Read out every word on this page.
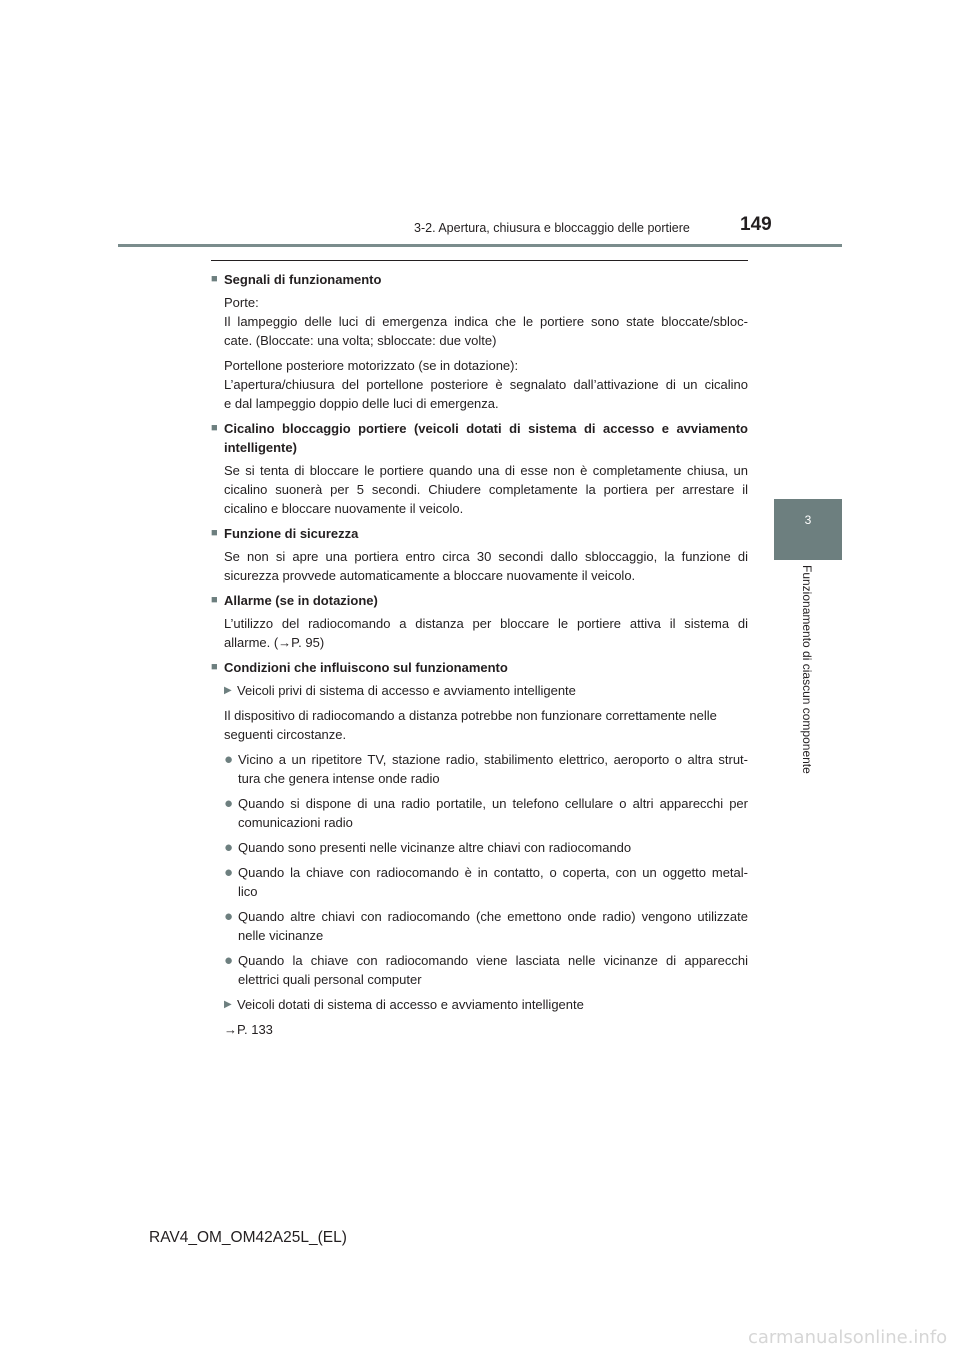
3-2. Apertura, chiusura e bloccaggio delle portiere	149
3
Funzionamento di ciascun componente
■ Segnali di funzionamento
Porte:
Il lampeggio delle luci di emergenza indica che le portiere sono state bloccate/sbloc-
cate. (Bloccate: una volta; sbloccate: due volte)
Portellone posteriore motorizzato (se in dotazione):
L’apertura/chiusura del portellone posteriore è segnalato dall’attivazione di un cicalino
e dal lampeggio doppio delle luci di emergenza.
■ Cicalino bloccaggio portiere (veicoli dotati di sistema di accesso e avviamento
intelligente)
Se si tenta di bloccare le portiere quando una di esse non è completamente chiusa, un
cicalino suonerà per 5 secondi. Chiudere completamente la portiera per arrestare il
cicalino e bloccare nuovamente il veicolo.
■ Funzione di sicurezza
Se non si apre una portiera entro circa 30 secondi dallo sbloccaggio, la funzione di
sicurezza provvede automaticamente a bloccare nuovamente il veicolo.
■ Allarme (se in dotazione)
L’utilizzo del radiocomando a distanza per bloccare le portiere attiva il sistema di
allarme. (→P. 95)
■ Condizioni che influiscono sul funzionamento
▶ Veicoli privi di sistema di accesso e avviamento intelligente
Il dispositivo di radiocomando a distanza potrebbe non funzionare correttamente nelle
seguenti circostanze.
● Vicino a un ripetitore TV, stazione radio, stabilimento elettrico, aeroporto o altra strut-
tura che genera intense onde radio
● Quando si dispone di una radio portatile, un telefono cellulare o altri apparecchi per
comunicazioni radio
● Quando sono presenti nelle vicinanze altre chiavi con radiocomando
● Quando la chiave con radiocomando è in contatto, o coperta, con un oggetto metal-
lico
● Quando altre chiavi con radiocomando (che emettono onde radio) vengono utilizzate
nelle vicinanze
● Quando la chiave con radiocomando viene lasciata nelle vicinanze di apparecchi
elettrici quali personal computer
▶ Veicoli dotati di sistema di accesso e avviamento intelligente
→P. 133
RAV4_OM_OM42A25L_(EL)
carmanualsonline.info
